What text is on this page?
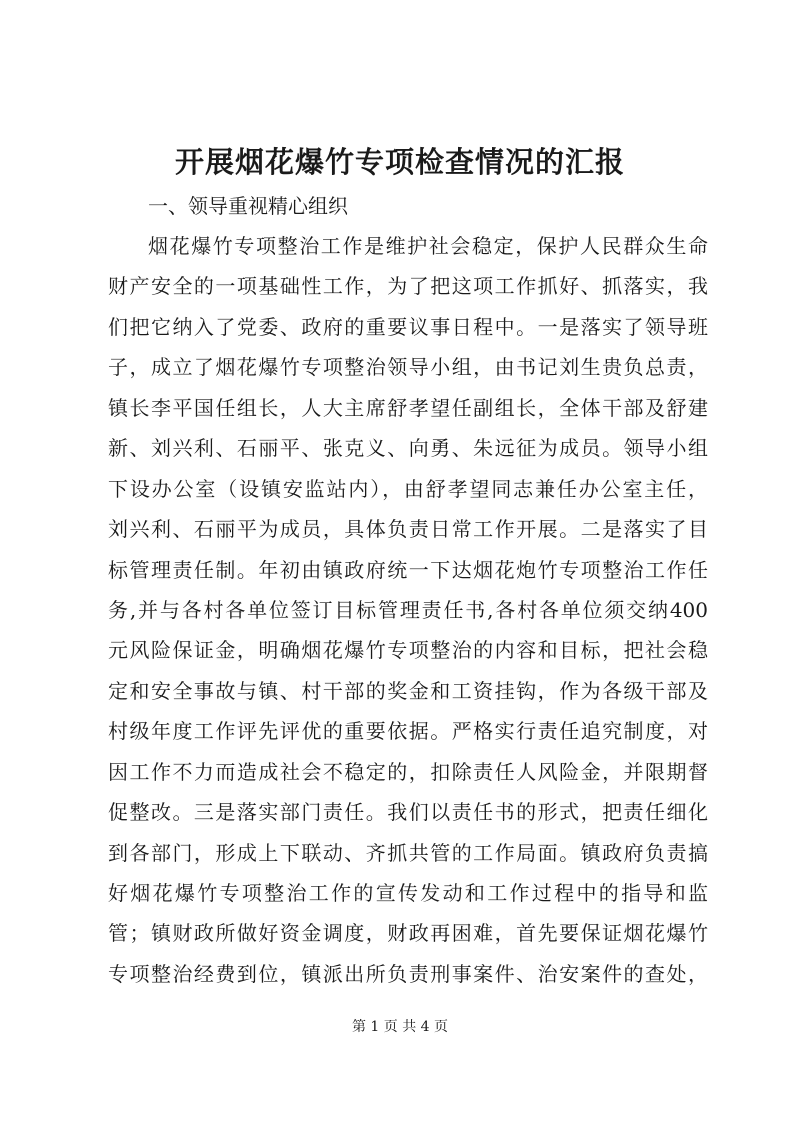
开展烟花爆竹专项检查情况的汇报
一、领导重视精心组织
烟花爆竹专项整治工作是维护社会稳定，保护人民群众生命
财产安全的一项基础性工作，为了把这项工作抓好、抓落实，我
们把它纳入了党委、政府的重要议事日程中。一是落实了领导班
子，成立了烟花爆竹专项整治领导小组，由书记刘生贵负总责，
镇长李平国任组长，人大主席舒孝望任副组长，全体干部及舒建
新、刘兴利、石丽平、张克义、向勇、朱远征为成员。领导小组
下设办公室（设镇安监站内），由舒孝望同志兼任办公室主任，
刘兴利、石丽平为成员，具体负责日常工作开展。二是落实了目
标管理责任制。年初由镇政府统一下达烟花炮竹专项整治工作任
务,并与各村各单位签订目标管理责任书,各村各单位须交纳400
元风险保证金，明确烟花爆竹专项整治的内容和目标，把社会稳
定和安全事故与镇、村干部的奖金和工资挂钩，作为各级干部及
村级年度工作评先评优的重要依据。严格实行责任追究制度，对
因工作不力而造成社会不稳定的，扣除责任人风险金，并限期督
促整改。三是落实部门责任。我们以责任书的形式，把责任细化
到各部门，形成上下联动、齐抓共管的工作局面。镇政府负责搞
好烟花爆竹专项整治工作的宣传发动和工作过程中的指导和监
管；镇财政所做好资金调度，财政再困难，首先要保证烟花爆竹
专项整治经费到位，镇派出所负责刑事案件、治安案件的查处，
第 1 页 共 4 页
